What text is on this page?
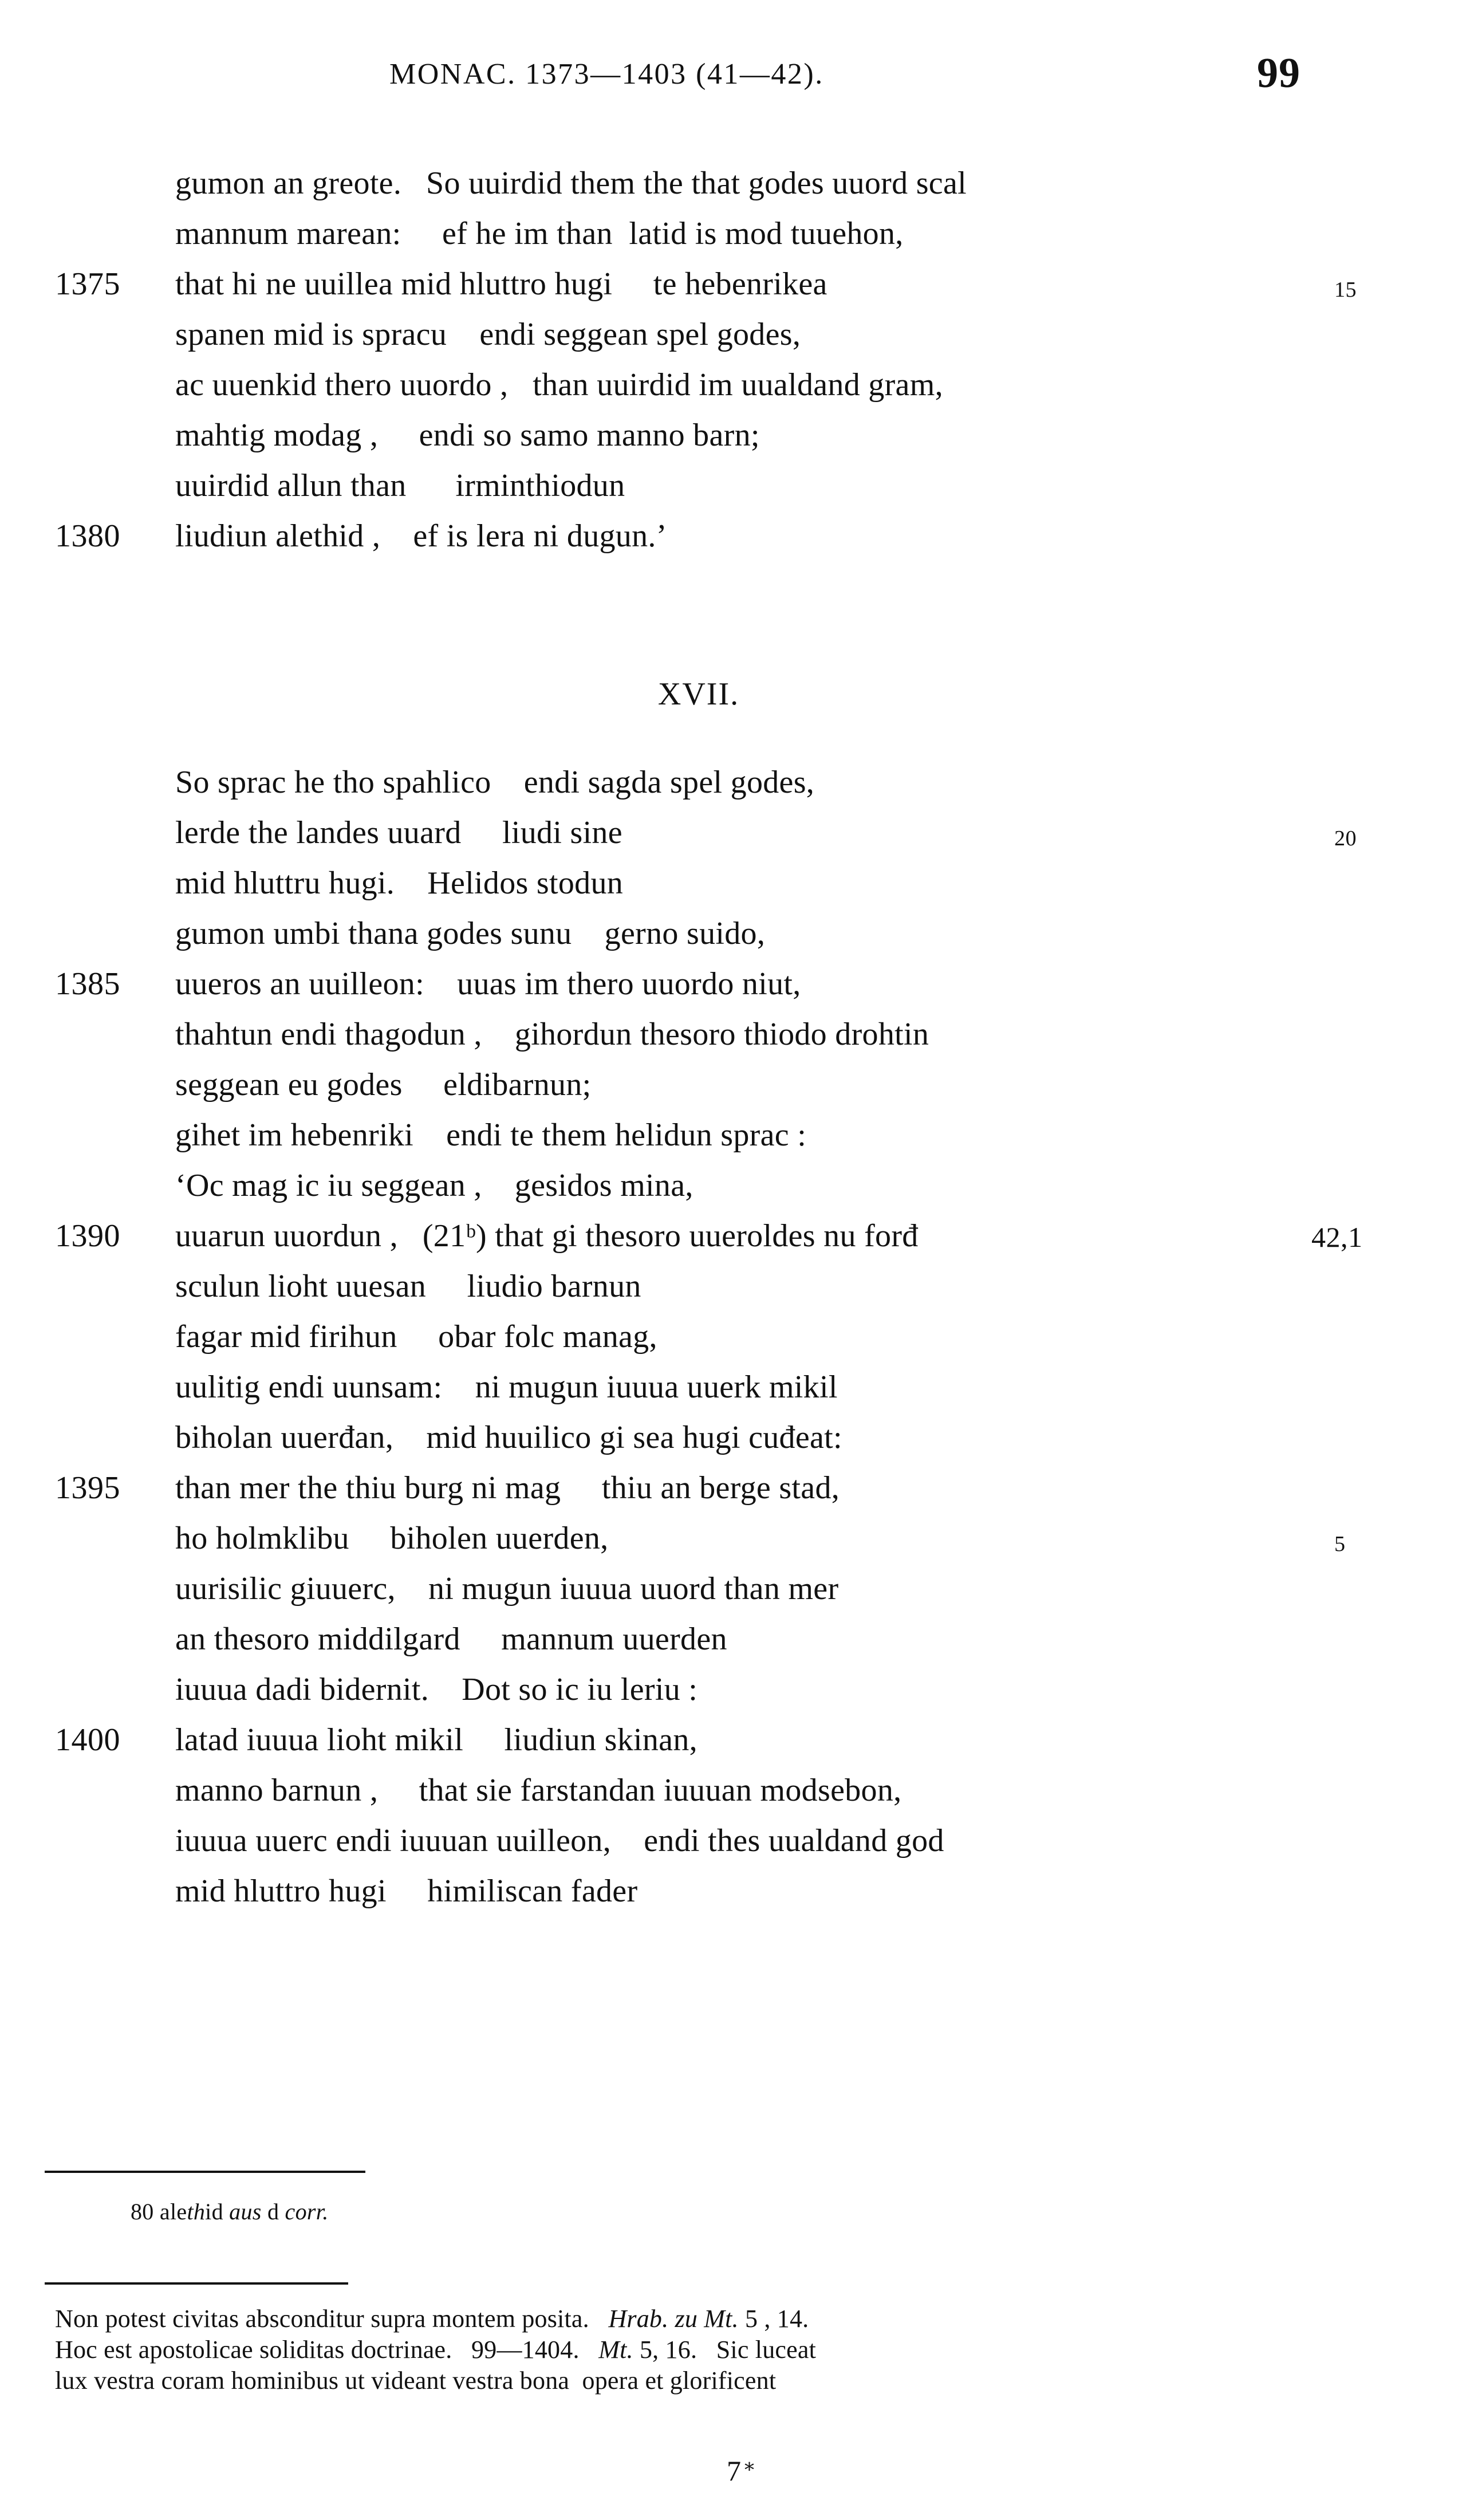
MONAC. 1373—1403 (41—42).	99

gumon an greote.   So uuirdid them the that godes uuord scal

mannum marean:     ef he im than  latid is mod tuuehon,

1375

	that hi ne uuillea mid hluttro hugi     te hebenrikea

	15

spanen mid is spracu    endi seggean spel godes,

ac uuenkid thero uuordo ,   than uuirdid im uualdand gram,

mahtig modag ,     endi so samo manno barn;

uuirdid allun than      irminthiodun

1380

	liudiun alethid ,    ef is lera ni dugun.’

XVII.

So sprac he tho spahlico    endi sagda spel godes,

lerde the landes uuard     liudi sine

	20

mid hluttru hugi.    Helidos stodun

gumon umbi thana godes sunu    gerno suido,

1385

	uueros an uuilleon:    uuas im thero uuordo niut,

thahtun endi thagodun ,    gihordun thesoro thiodo drohtin

seggean eu godes     eldibarnun;

gihet im hebenriki    endi te them helidun sprac :

‘Oc mag ic iu seggean ,    gesidos mina,

1390

	uuarun uuordun ,   (21ᵇ) that gi thesoro uueroldes nu forđ

	42,1

sculun lioht uuesan     liudio barnun

fagar mid firihun     obar folc manag,

uulitig endi uunsam:    ni mugun iuuua uuerk mikil

biholan uuerđan,    mid huuilico gi sea hugi cuđeat:

1395

	than mer the thiu burg ni mag     thiu an berge stad,

ho holmklibu     biholen uuerden,

	5

uurisilic giuuerc,    ni mugun iuuua uuord than mer

an thesoro middilgard     mannum uuerden

iuuua dadi bidernit.    Dot so ic iu leriu :

1400

	latad iuuua lioht mikil     liudiun skinan,

manno barnun ,     that sie farstandan iuuuan modsebon,

iuuua uuerc endi iuuuan uuilleon,    endi thes uualdand god

mid hluttro hugi     himiliscan fader

80 alethid aus d corr.
Non potest civitas absconditur supra montem posita.   Hrab. zu Mt. 5 , 14.
Hoc est apostolicae soliditas doctrinae.   99—1404.   Mt. 5, 16.   Sic luceat
lux vestra coram hominibus ut videant vestra bona  opera et glorificent
7 ⁎
